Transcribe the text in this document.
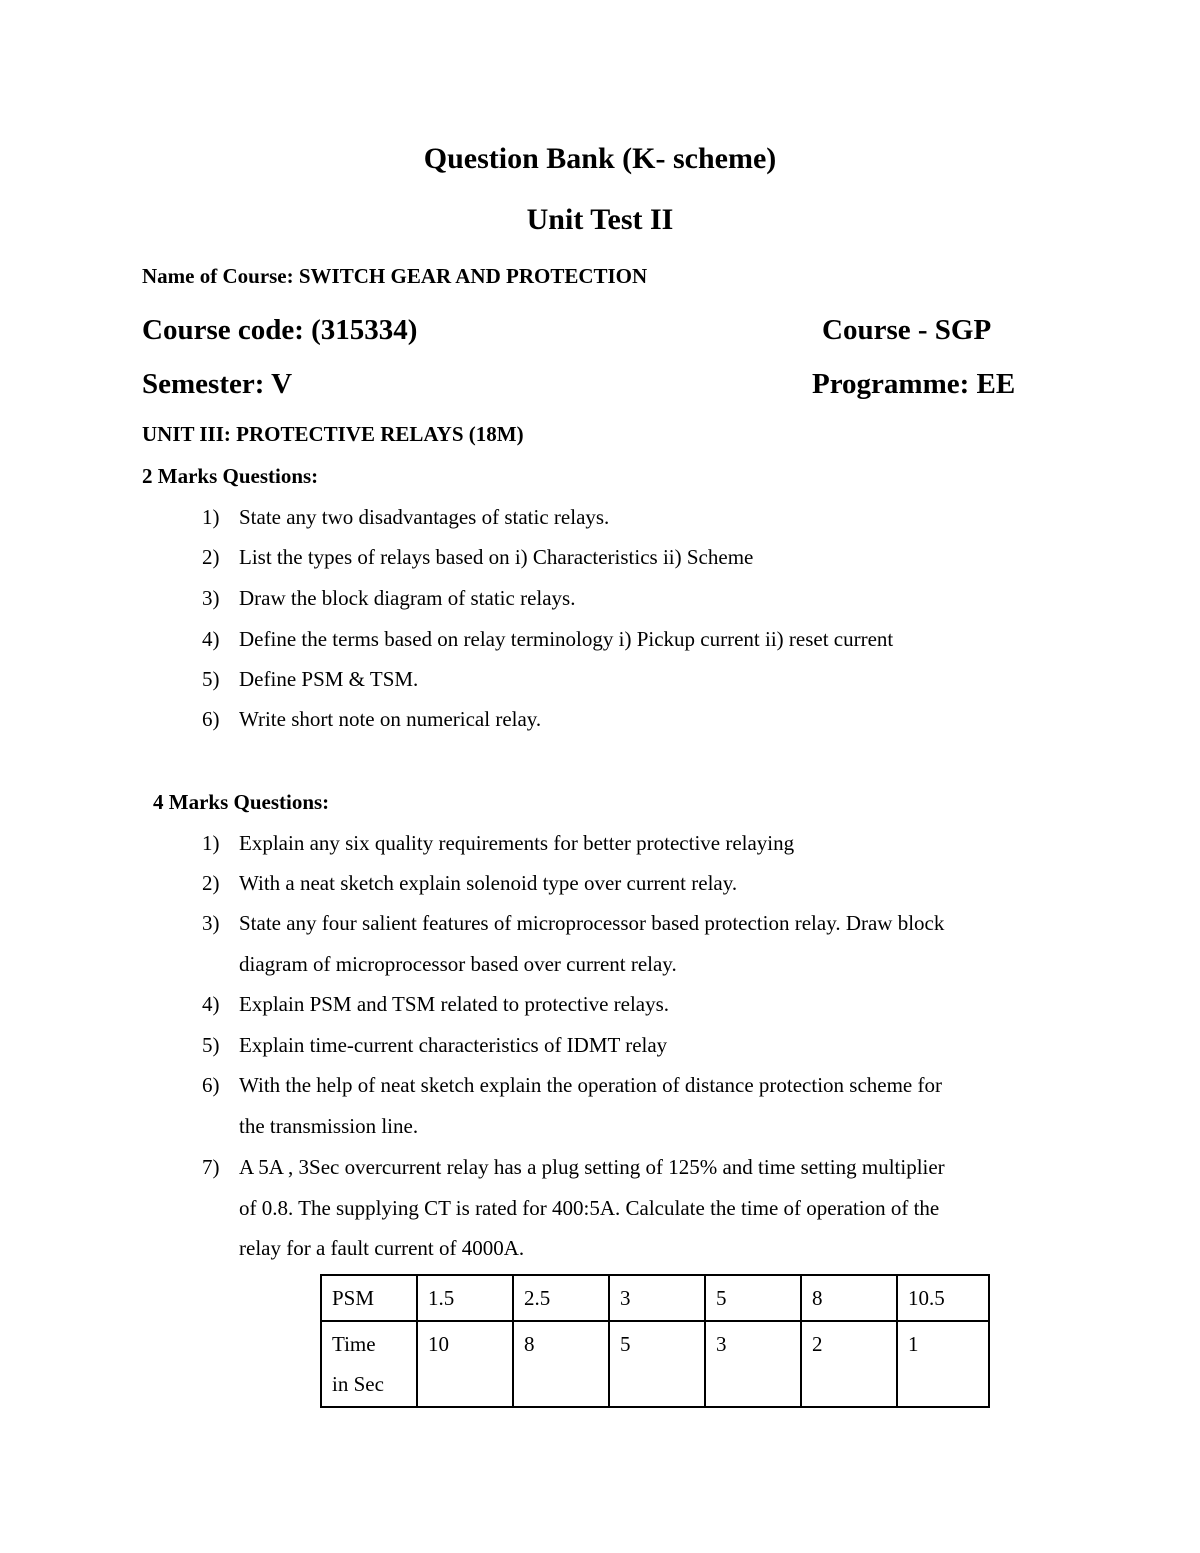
Question Bank (K- scheme)
Unit Test II
Name of Course: SWITCH GEAR AND PROTECTION
Course code: (315334)	Course - SGP
Semester: V	Programme: EE
UNIT III: PROTECTIVE RELAYS (18M)
2 Marks Questions:
1) State any two disadvantages of static relays.
2) List the types of relays based on i) Characteristics ii) Scheme
3) Draw the block diagram of static relays.
4) Define the terms based on relay terminology i) Pickup current ii) reset current
5) Define PSM & TSM.
6) Write short note on numerical relay.
4 Marks Questions:
1) Explain any six quality requirements for better protective relaying
2) With a neat sketch explain solenoid type over current relay.
3) State any four salient features of microprocessor based protection relay. Draw block
diagram of microprocessor based over current relay.
4) Explain PSM and TSM related to protective relays.
5) Explain time-current characteristics of IDMT relay
6) With the help of neat sketch explain the operation of distance protection scheme for
the transmission line.
7) A 5A , 3Sec overcurrent relay has a plug setting of 125% and time setting multiplier
of 0.8. The supplying CT is rated for 400:5A. Calculate the time of operation of the
relay for a fault current of 4000A.
PSM	1.5	2.5	3	5	8	10.5

Time
in Sec	10	8	5	3	2	1
